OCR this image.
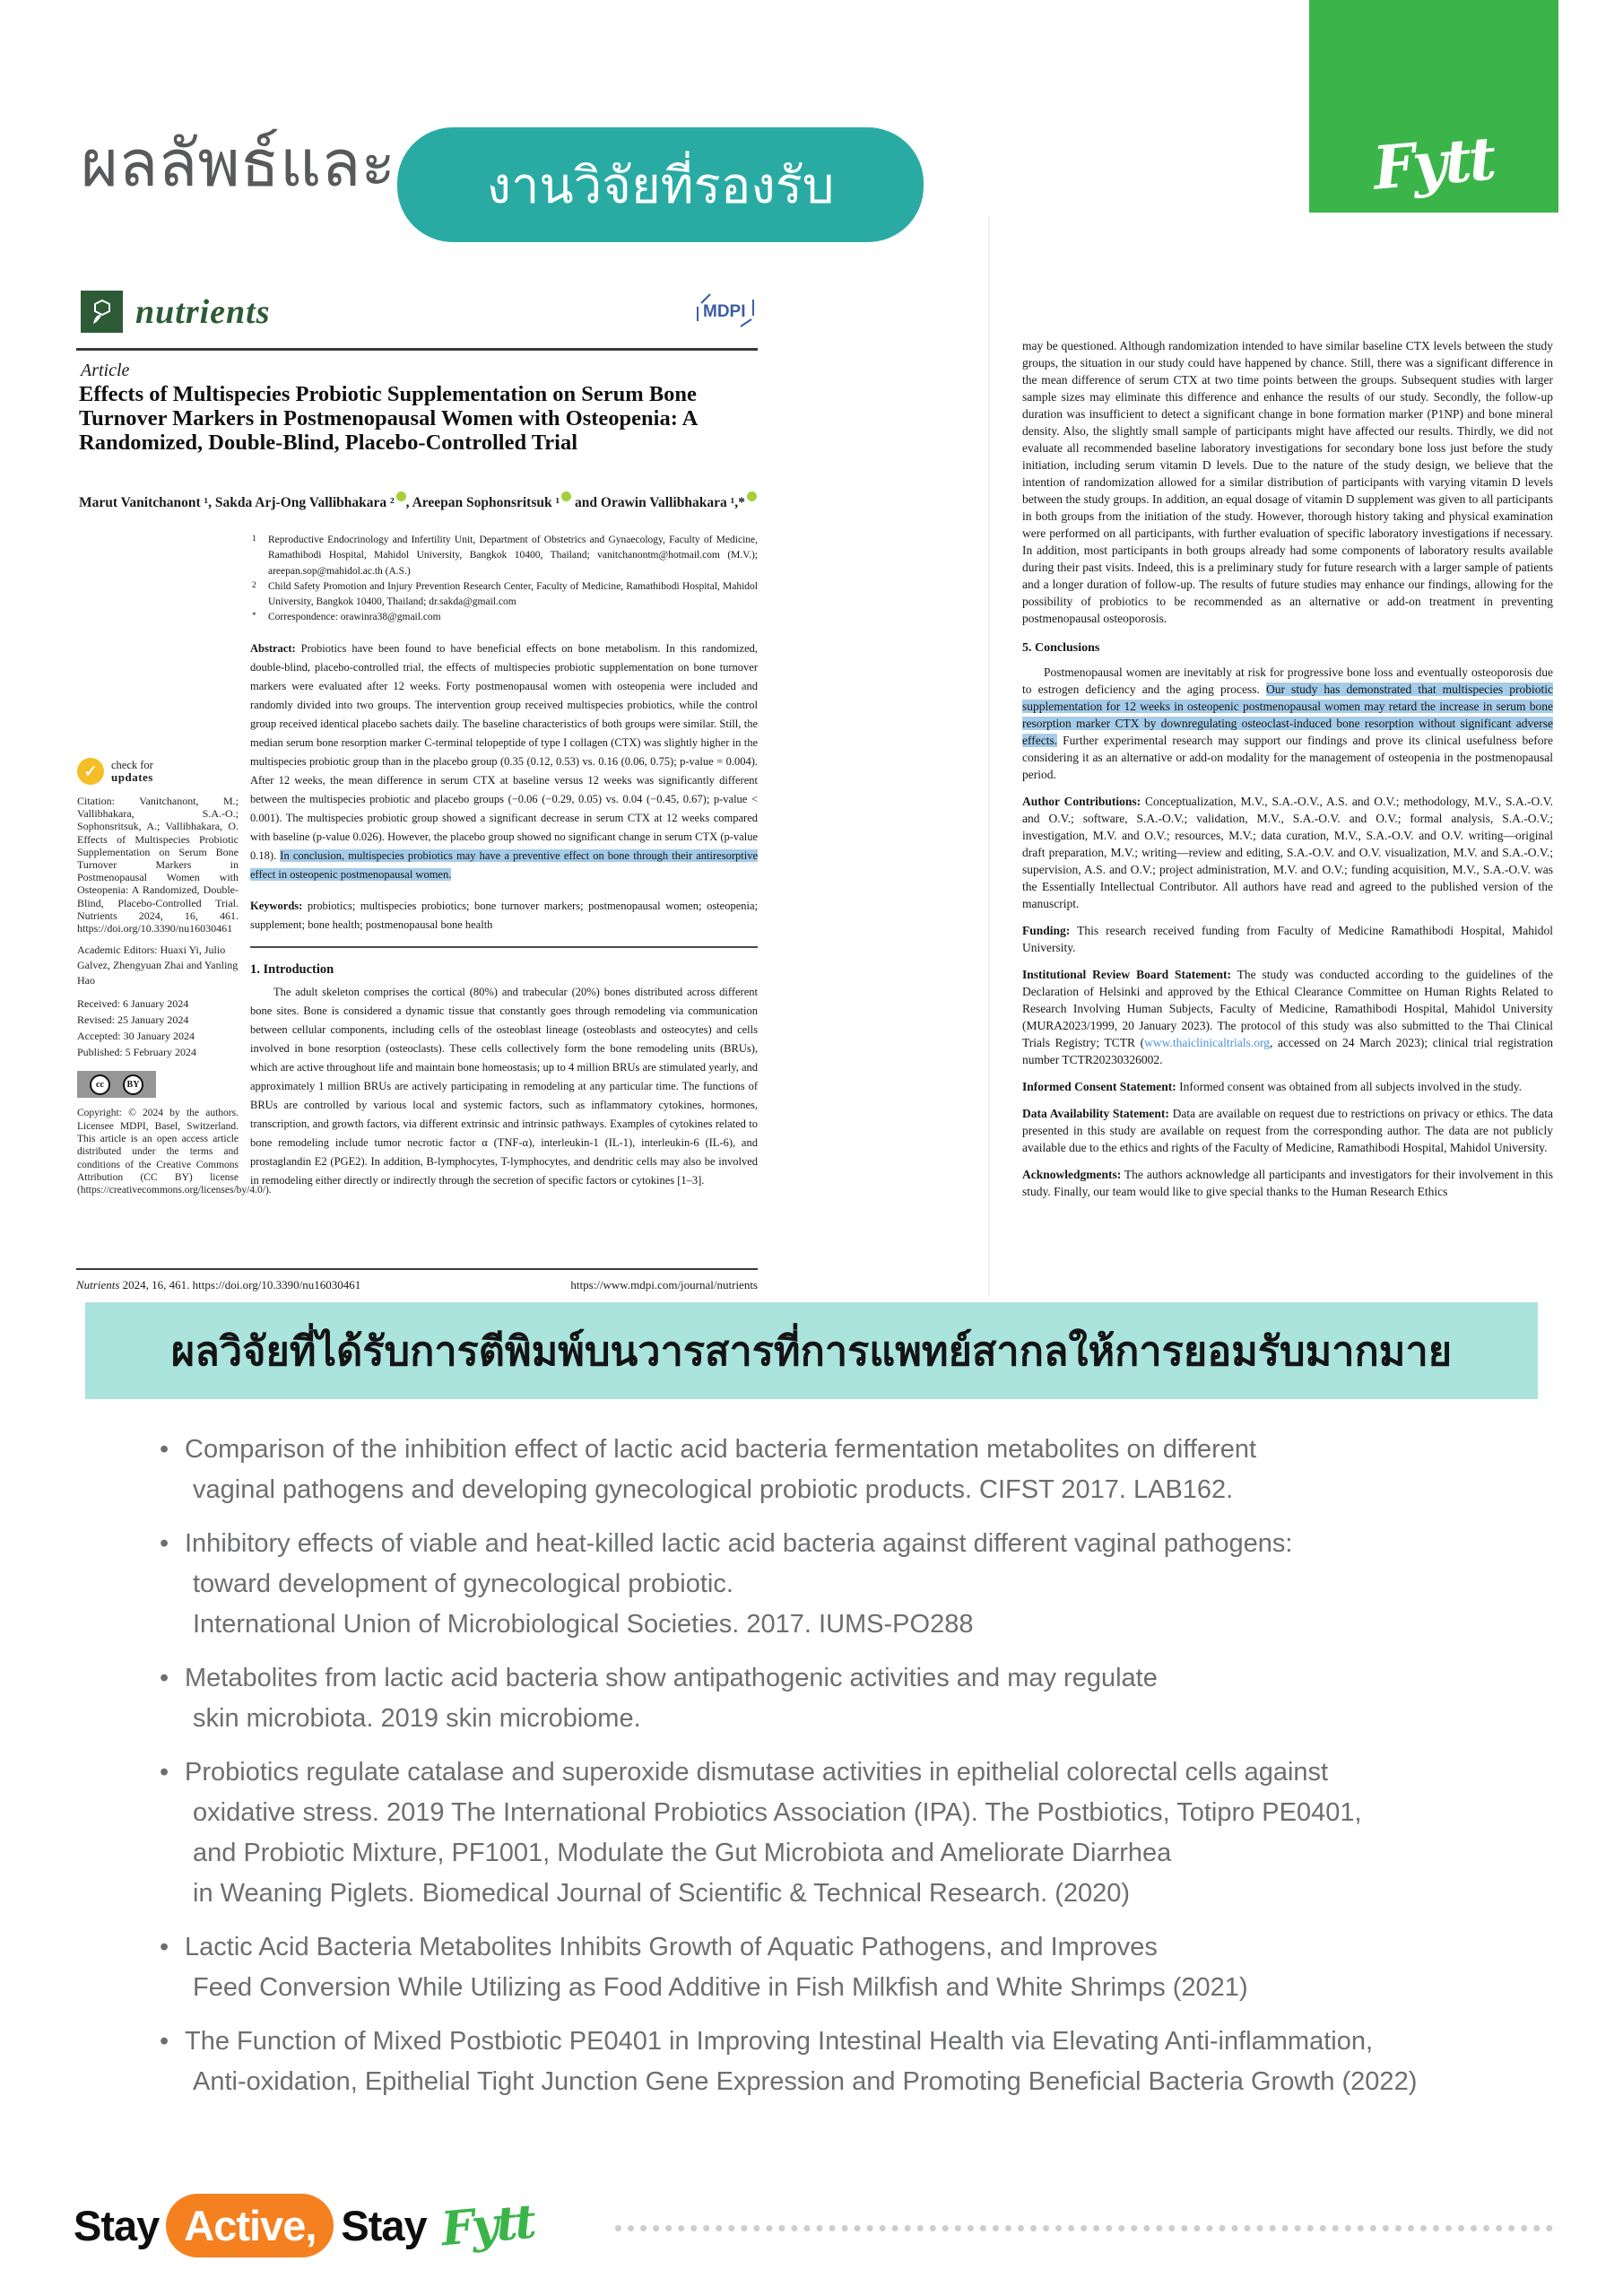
ผลลัพธ์และ งานวิจัยที่รองรับ	Fytt
nutrients	MDPI
Article
Effects of Multispecies Probiotic Supplementation on Serum Bone Turnover Markers in Postmenopausal Women with Osteopenia: A Randomized, Double-Blind, Placebo-Controlled Trial
Marut Vanitchanont ¹, Sakda Arj-Ong Vallibhakara ² , Areepan Sophonsritsuk ¹ and Orawin Vallibhakara ¹,*
✓	check for
updates
Citation: Vanitchanont, M.; Vallibhakara, S.A.-O.; Sophonsritsuk, A.; Vallibhakara, O. Effects of Multispecies Probiotic Supplementation on Serum Bone Turnover Markers in Postmenopausal Women with Osteopenia: A Randomized, Double-Blind, Placebo-Controlled Trial. Nutrients 2024, 16, 461. https://doi.org/10.3390/nu16030461
Academic Editors: Huaxi Yi, Julio Galvez, Zhengyuan Zhai and Yanling Hao
Received: 6 January 2024
Revised: 25 January 2024
Accepted: 30 January 2024
Published: 5 February 2024
cc	BY
Copyright: © 2024 by the authors. Licensee MDPI, Basel, Switzerland. This article is an open access article distributed under the terms and conditions of the Creative Commons Attribution (CC BY) license (https://creativecommons.org/licenses/by/4.0/).
1 Reproductive Endocrinology and Infertility Unit, Department of Obstetrics and Gynaecology, Faculty of Medicine, Ramathibodi Hospital, Mahidol University, Bangkok 10400, Thailand; vanitchanontm@hotmail.com (M.V.); areepan.sop@mahidol.ac.th (A.S.)
2 Child Safety Promotion and Injury Prevention Research Center, Faculty of Medicine, Ramathibodi Hospital, Mahidol University, Bangkok 10400, Thailand; dr.sakda@gmail.com
* Correspondence: orawinra38@gmail.com
Abstract: Probiotics have been found to have beneficial effects on bone metabolism. In this randomized, double-blind, placebo-controlled trial, the effects of multispecies probiotic supplementation on bone turnover markers were evaluated after 12 weeks. Forty postmenopausal women with osteopenia were included and randomly divided into two groups. The intervention group received multispecies probiotics, while the control group received identical placebo sachets daily. The baseline characteristics of both groups were similar. Still, the median serum bone resorption marker C-terminal telopeptide of type I collagen (CTX) was slightly higher in the multispecies probiotic group than in the placebo group (0.35 (0.12, 0.53) vs. 0.16 (0.06, 0.75); p-value = 0.004). After 12 weeks, the mean difference in serum CTX at baseline versus 12 weeks was significantly different between the multispecies probiotic and placebo groups (−0.06 (−0.29, 0.05) vs. 0.04 (−0.45, 0.67); p-value < 0.001). The multispecies probiotic group showed a significant decrease in serum CTX at 12 weeks compared with baseline (p-value 0.026). However, the placebo group showed no significant change in serum CTX (p-value 0.18). In conclusion, multispecies probiotics may have a preventive effect on bone through their antiresorptive effect in osteopenic postmenopausal women.
Keywords: probiotics; multispecies probiotics; bone turnover markers; postmenopausal women; osteopenia; supplement; bone health; postmenopausal bone health
1. Introduction
The adult skeleton comprises the cortical (80%) and trabecular (20%) bones distributed across different bone sites. Bone is considered a dynamic tissue that constantly goes through remodeling via communication between cellular components, including cells of the osteoblast lineage (osteoblasts and osteocytes) and cells involved in bone resorption (osteoclasts). These cells collectively form the bone remodeling units (BRUs), which are active throughout life and maintain bone homeostasis; up to 4 million BRUs are stimulated yearly, and approximately 1 million BRUs are actively participating in remodeling at any particular time. The functions of BRUs are controlled by various local and systemic factors, such as inflammatory cytokines, hormones, transcription, and growth factors, via different extrinsic and intrinsic pathways. Examples of cytokines related to bone remodeling include tumor necrotic factor α (TNF-α), interleukin-1 (IL-1), interleukin-6 (IL-6), and prostaglandin E2 (PGE2). In addition, B-lymphocytes, T-lymphocytes, and dendritic cells may also be involved in remodeling either directly or indirectly through the secretion of specific factors or cytokines [1–3].
Nutrients 2024, 16, 461. https://doi.org/10.3390/nu16030461	https://www.mdpi.com/journal/nutrients

may be questioned. Although randomization intended to have similar baseline CTX levels between the study groups, the situation in our study could have happened by chance. Still, there was a significant difference in the mean difference of serum CTX at two time points between the groups. Subsequent studies with larger sample sizes may eliminate this difference and enhance the results of our study. Secondly, the follow-up duration was insufficient to detect a significant change in bone formation marker (P1NP) and bone mineral density. Also, the slightly small sample of participants might have affected our results. Thirdly, we did not evaluate all recommended baseline laboratory investigations for secondary bone loss just before the study initiation, including serum vitamin D levels. Due to the nature of the study design, we believe that the intention of randomization allowed for a similar distribution of participants with varying vitamin D levels between the study groups. In addition, an equal dosage of vitamin D supplement was given to all participants in both groups from the initiation of the study. However, thorough history taking and physical examination were performed on all participants, with further evaluation of specific laboratory investigations if necessary. In addition, most participants in both groups already had some components of laboratory results available during their past visits. Indeed, this is a preliminary study for future research with a larger sample of patients and a longer duration of follow-up. The results of future studies may enhance our findings, allowing for the possibility of probiotics to be recommended as an alternative or add-on treatment in preventing postmenopausal osteoporosis.

5. Conclusions

Postmenopausal women are inevitably at risk for progressive bone loss and eventually osteoporosis due to estrogen deficiency and the aging process. Our study has demonstrated that multispecies probiotic supplementation for 12 weeks in osteopenic postmenopausal women may retard the increase in serum bone resorption marker CTX by downregulating osteoclast-induced bone resorption without significant adverse effects. Further experimental research may support our findings and prove its clinical usefulness before considering it as an alternative or add-on modality for the management of osteopenia in the postmenopausal period.

Author Contributions: Conceptualization, M.V., S.A.-O.V., A.S. and O.V.; methodology, M.V., S.A.-O.V. and O.V.; software, S.A.-O.V.; validation, M.V., S.A.-O.V. and O.V.; formal analysis, S.A.-O.V.; investigation, M.V. and O.V.; resources, M.V.; data curation, M.V., S.A.-O.V. and O.V. writing—original draft preparation, M.V.; writing—review and editing, S.A.-O.V. and O.V. visualization, M.V. and S.A.-O.V.; supervision, A.S. and O.V.; project administration, M.V. and O.V.; funding acquisition, M.V., S.A.-O.V. was the Essentially Intellectual Contributor. All authors have read and agreed to the published version of the manuscript.
Funding: This research received funding from Faculty of Medicine Ramathibodi Hospital, Mahidol University.
Institutional Review Board Statement: The study was conducted according to the guidelines of the Declaration of Helsinki and approved by the Ethical Clearance Committee on Human Rights Related to Research Involving Human Subjects, Faculty of Medicine, Ramathibodi Hospital, Mahidol University (MURA2023/1999, 20 January 2023). The protocol of this study was also submitted to the Thai Clinical Trials Registry; TCTR (www.thaiclinicaltrials.org, accessed on 24 March 2023); clinical trial registration number TCTR20230326002.
Informed Consent Statement: Informed consent was obtained from all subjects involved in the study.
Data Availability Statement: Data are available on request due to restrictions on privacy or ethics. The data presented in this study are available on request from the corresponding author. The data are not publicly available due to the ethics and rights of the Faculty of Medicine, Ramathibodi Hospital, Mahidol University.
Acknowledgments: The authors acknowledge all participants and investigators for their involvement in this study. Finally, our team would like to give special thanks to the Human Research Ethics
ผลวิจัยที่ได้รับการตีพิมพ์บนวารสารที่การแพทย์สากลให้การยอมรับมากมาย
• Comparison of the inhibition effect of lactic acid bacteria fermentation metabolites on different
vaginal pathogens and developing gynecological probiotic products. CIFST 2017. LAB162.
• Inhibitory effects of viable and heat-killed lactic acid bacteria against different vaginal pathogens:
toward development of gynecological probiotic.
International Union of Microbiological Societies. 2017. IUMS-PO288
• Metabolites from lactic acid bacteria show antipathogenic activities and may regulate
skin microbiota. 2019 skin microbiome.
• Probiotics regulate catalase and superoxide dismutase activities in epithelial colorectal cells against
oxidative stress. 2019 The International Probiotics Association (IPA). The Postbiotics, Totipro PE0401,
and Probiotic Mixture, PF1001, Modulate the Gut Microbiota and Ameliorate Diarrhea
in Weaning Piglets. Biomedical Journal of Scientific & Technical Research. (2020)
• Lactic Acid Bacteria Metabolites Inhibits Growth of Aquatic Pathogens, and Improves
Feed Conversion While Utilizing as Food Additive in Fish Milkfish and White Shrimps (2021)
• The Function of Mixed Postbiotic PE0401 in Improving Intestinal Health via Elevating Anti-inflammation,
Anti-oxidation, Epithelial Tight Junction Gene Expression and Promoting Beneficial Bacteria Growth (2022)
Stay Active, Stay Fytt
